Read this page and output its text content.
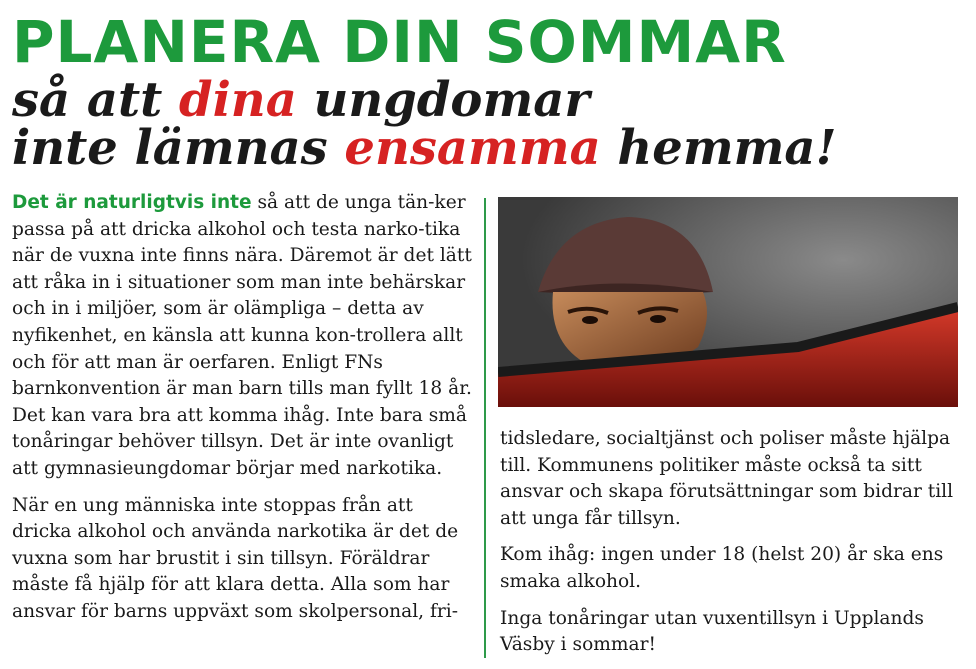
PLANERA DIN SOMMAR
så att dina ungdomar
inte lämnas ensamma hemma!

Det är naturligtvis inte så att de unga tän-ker passa på att dricka alkohol och testa narko-tika när de vuxna inte finns nära. Däremot är det lätt att råka in i situationer som man inte behärskar och in i miljöer, som är olämpliga – detta av nyfikenhet, en känsla att kunna kon-trollera allt och för att man är oerfaren. Enligt FNs barnkonvention är man barn tills man fyllt 18 år. Det kan vara bra att komma ihåg. Inte bara små tonåringar behöver tillsyn. Det är inte ovanligt att gymnasieungdomar börjar med narkotika.

När en ung människa inte stoppas från att dricka alkohol och använda narkotika är det de vuxna som har brustit i sin tillsyn. Föräldrar måste få hjälp för att klara detta. Alla som har ansvar för barns uppväxt som skolpersonal, fri-

tidsledare, socialtjänst och poliser måste hjälpa till. Kommunens politiker måste också ta sitt ansvar och skapa förutsättningar som bidrar till att unga får tillsyn.

Kom ihåg: ingen under 18 (helst 20) år ska ens smaka alkohol.

Inga tonåringar utan vuxentillsyn i Upplands Väsby i sommar!
